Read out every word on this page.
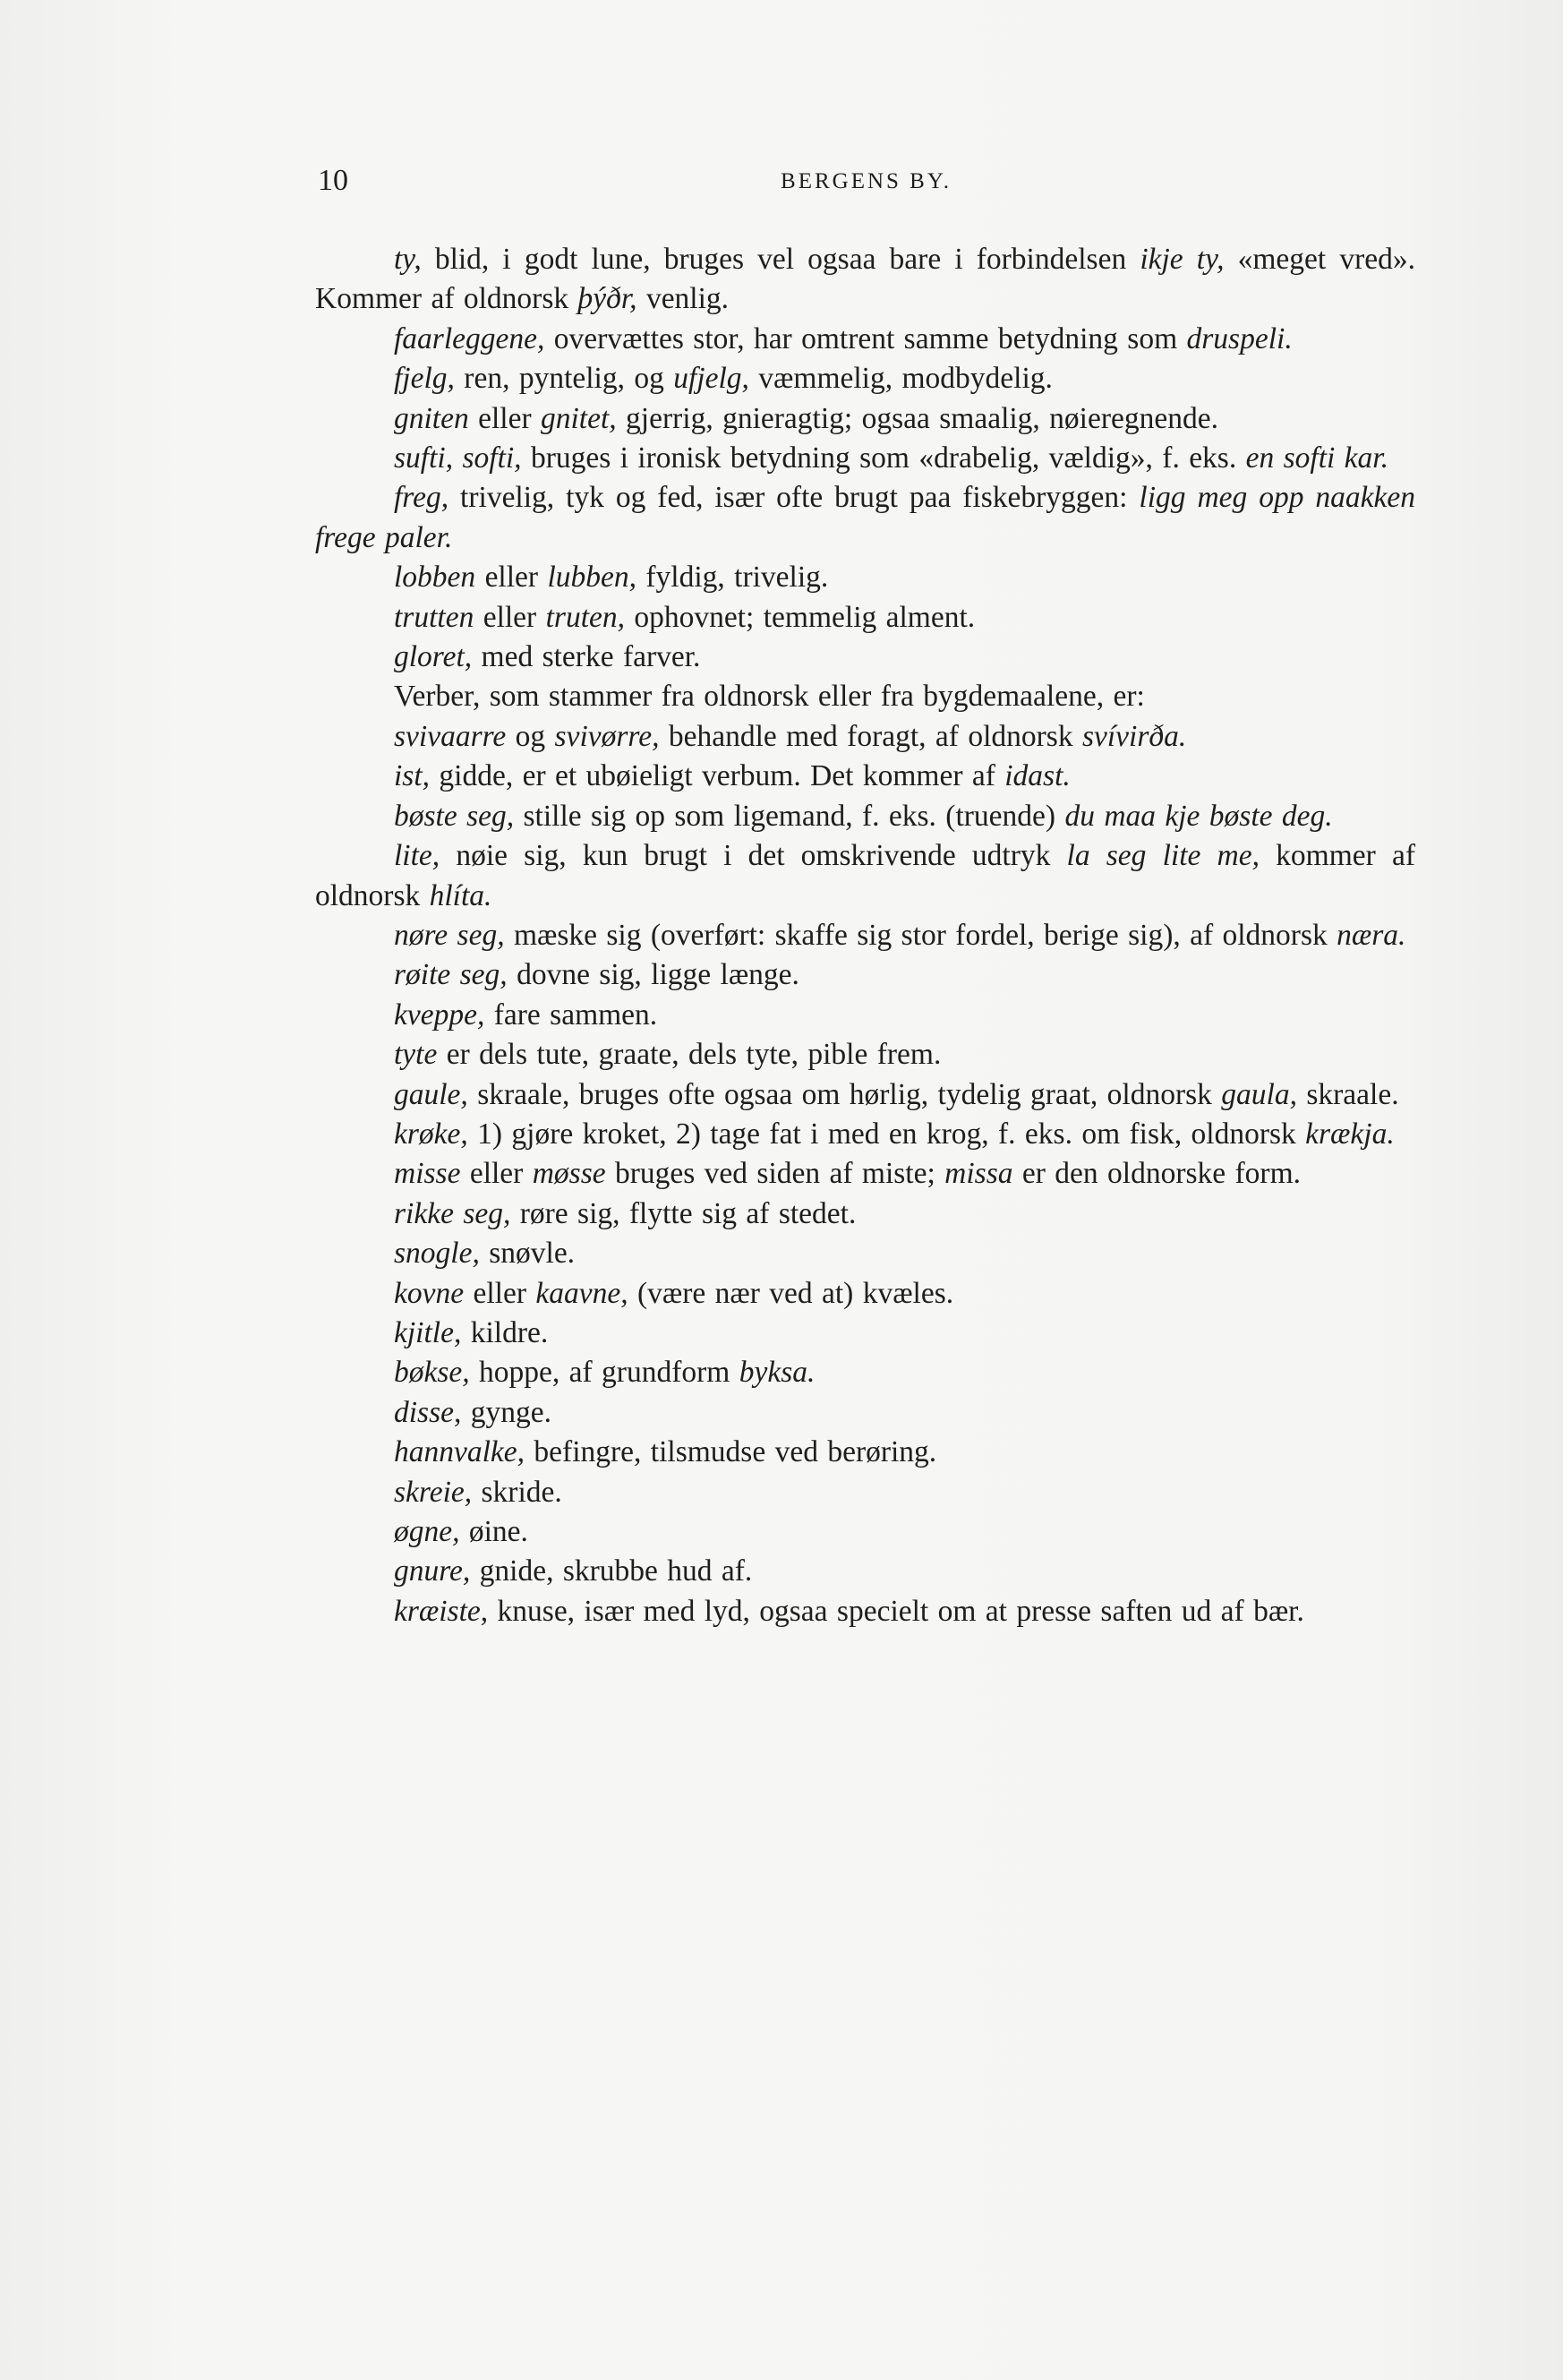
10	BERGENS BY.

ty, blid, i godt lune, bruges vel ogsaa bare i forbindelsen ikje ty, «meget vred». Kommer af oldnorsk þýðr, venlig.

faarleggene, overvættes stor, har omtrent samme betydning som druspeli.

fjelg, ren, pyntelig, og ufjelg, væmmelig, modbydelig.

gniten eller gnitet, gjerrig, gnieragtig; ogsaa smaalig, nøieregnende.

sufti, softi, bruges i ironisk betydning som «drabelig, vældig», f. eks. en softi kar.

freg, trivelig, tyk og fed, især ofte brugt paa fiskebryggen: ligg meg opp naakken frege paler.

lobben eller lubben, fyldig, trivelig.

trutten eller truten, ophovnet; temmelig alment.

gloret, med sterke farver.

Verber, som stammer fra oldnorsk eller fra bygdemaalene, er:

svivaarre og svivørre, behandle med foragt, af oldnorsk svívirða.

ist, gidde, er et ubøieligt verbum. Det kommer af idast.

bøste seg, stille sig op som ligemand, f. eks. (truende) du maa kje bøste deg.

lite, nøie sig, kun brugt i det omskrivende udtryk la seg lite me, kommer af oldnorsk hlíta.

nøre seg, mæske sig (overført: skaffe sig stor fordel, berige sig), af oldnorsk næra.

røite seg, dovne sig, ligge længe.

kveppe, fare sammen.

tyte er dels tute, graate, dels tyte, pible frem.

gaule, skraale, bruges ofte ogsaa om hørlig, tydelig graat, oldnorsk gaula, skraale.

krøke, 1) gjøre kroket, 2) tage fat i med en krog, f. eks. om fisk, oldnorsk krækja.

misse eller møsse bruges ved siden af miste; missa er den oldnorske form.

rikke seg, røre sig, flytte sig af stedet.

snogle, snøvle.

kovne eller kaavne, (være nær ved at) kvæles.

kjitle, kildre.

bøkse, hoppe, af grundform byksa.

disse, gynge.

hannvalke, befingre, tilsmudse ved berøring.

skreie, skride.

øgne, øine.

gnure, gnide, skrubbe hud af.

kræiste, knuse, især med lyd, ogsaa specielt om at presse saften ud af bær.
